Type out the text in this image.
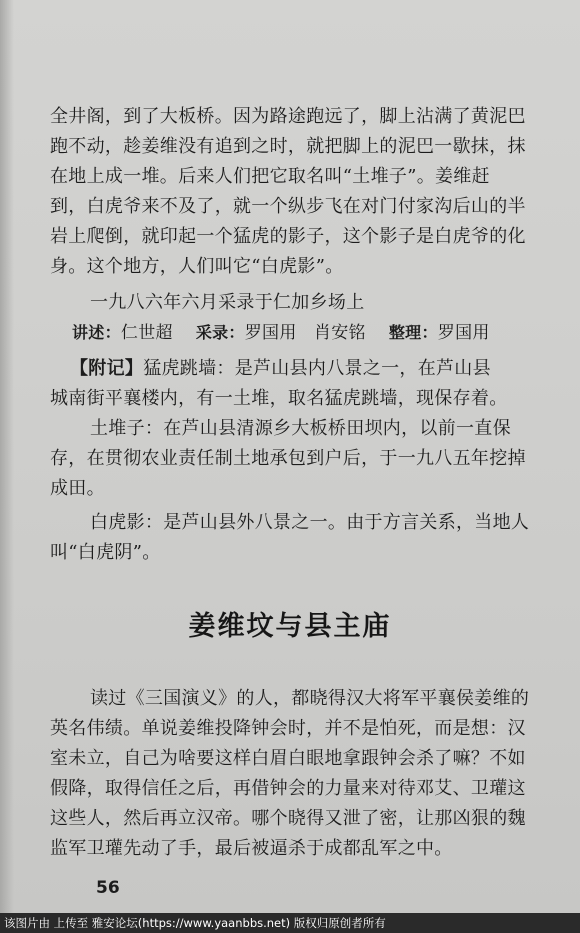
全井阁，到了大板桥。因为路途跑远了，脚上沾满了黄泥巴
跑不动，趁姜维没有追到之时，就把脚上的泥巴一歇抹，抹
在地上成一堆。后来人们把它取名叫“土堆子”。姜维赶
到，白虎爷来不及了，就一个纵步飞在对门付家沟后山的半
岩上爬倒，就印起一个猛虎的影子，这个影子是白虎爷的化
身。这个地方，人们叫它“白虎影”。
一九八六年六月采录于仁加乡场上
讲述：仁世超 　 采录：罗国用　肖安铭 　 整理：罗国用
【附记】猛虎跳墙：是芦山县内八景之一，在芦山县
城南街平襄楼内，有一土堆，取名猛虎跳墙，现保存着。
土堆子：在芦山县清源乡大板桥田坝内，以前一直保
存，在贯彻农业责任制土地承包到户后，于一九八五年挖掉
成田。
白虎影：是芦山县外八景之一。由于方言关系，当地人
叫“白虎阴”。
姜维坟与县主庙
读过《三国演义》的人，都晓得汉大将军平襄侯姜维的
英名伟绩。单说姜维投降钟会时，并不是怕死，而是想：汉
室未立，自己为啥要这样白眉白眼地拿跟钟会杀了嘛？不如
假降，取得信任之后，再借钟会的力量来对待邓艾、卫瓘这
这些人，然后再立汉帝。哪个晓得又泄了密，让那凶狠的魏
监军卫瓘先动了手，最后被逼杀于成都乱军之中。
56
该图片由 上传至 雅安论坛(https://www.yaanbbs.net) 版权归原创者所有
